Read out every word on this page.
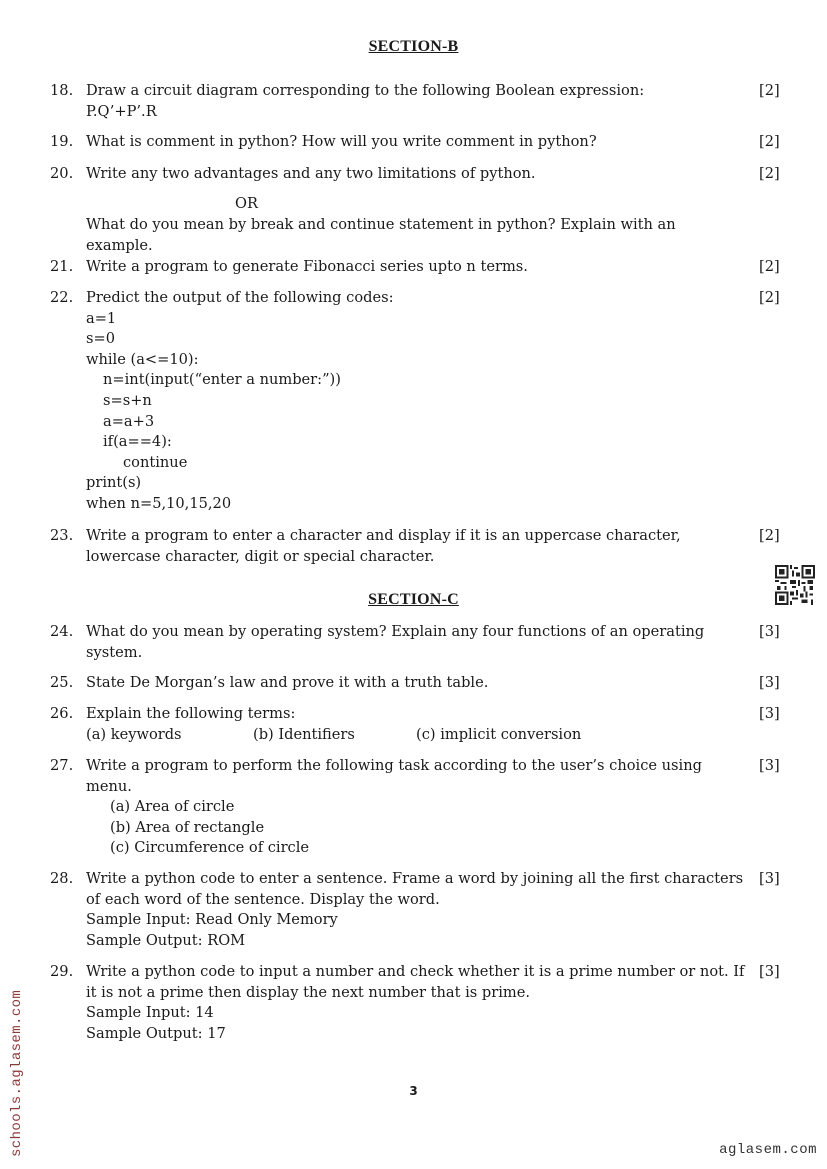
SECTION-B
18. Draw a circuit diagram corresponding to the following Boolean expression:
P.Q’+P’.R
[2]
19. What is comment in python? How will you write comment in python?	[2]
20. Write any two advantages and any two limitations of python.	[2]
OR
What do you mean by break and continue statement in python? Explain with an
example.
21. Write a program to generate Fibonacci series upto n terms.	[2]
22. Predict the output of the following codes:
a=1
s=0
while (a<=10):
n=int(input(“enter a number:”))
s=s+n
a=a+3
if(a==4):
continue
print(s)
when n=5,10,15,20
[2]
23. Write a program to enter a character and display if it is an uppercase character,
lowercase character, digit or special character.
[2]
SECTION-C
24. What do you mean by operating system? Explain any four functions of an operating
system.
[3]
25. State De Morgan’s law and prove it with a truth table.	[3]
26. Explain the following terms:
(a) keywords	(b) Identifiers	(c) implicit conversion
[3]
27. Write a program to perform the following task according to the user’s choice using
menu.
(a) Area of circle
(b) Area of rectangle
(c) Circumference of circle
[3]
28. Write a python code to enter a sentence. Frame a word by joining all the first characters
of each word of the sentence. Display the word.
Sample Input: Read Only Memory
Sample Output: ROM
[3]
29. Write a python code to input a number and check whether it is a prime number or not. If
it is not a prime then display the next number that is prime.
Sample Input: 14
Sample Output: 17
[3]
3
schools.aglasem.com	aglasem.com
